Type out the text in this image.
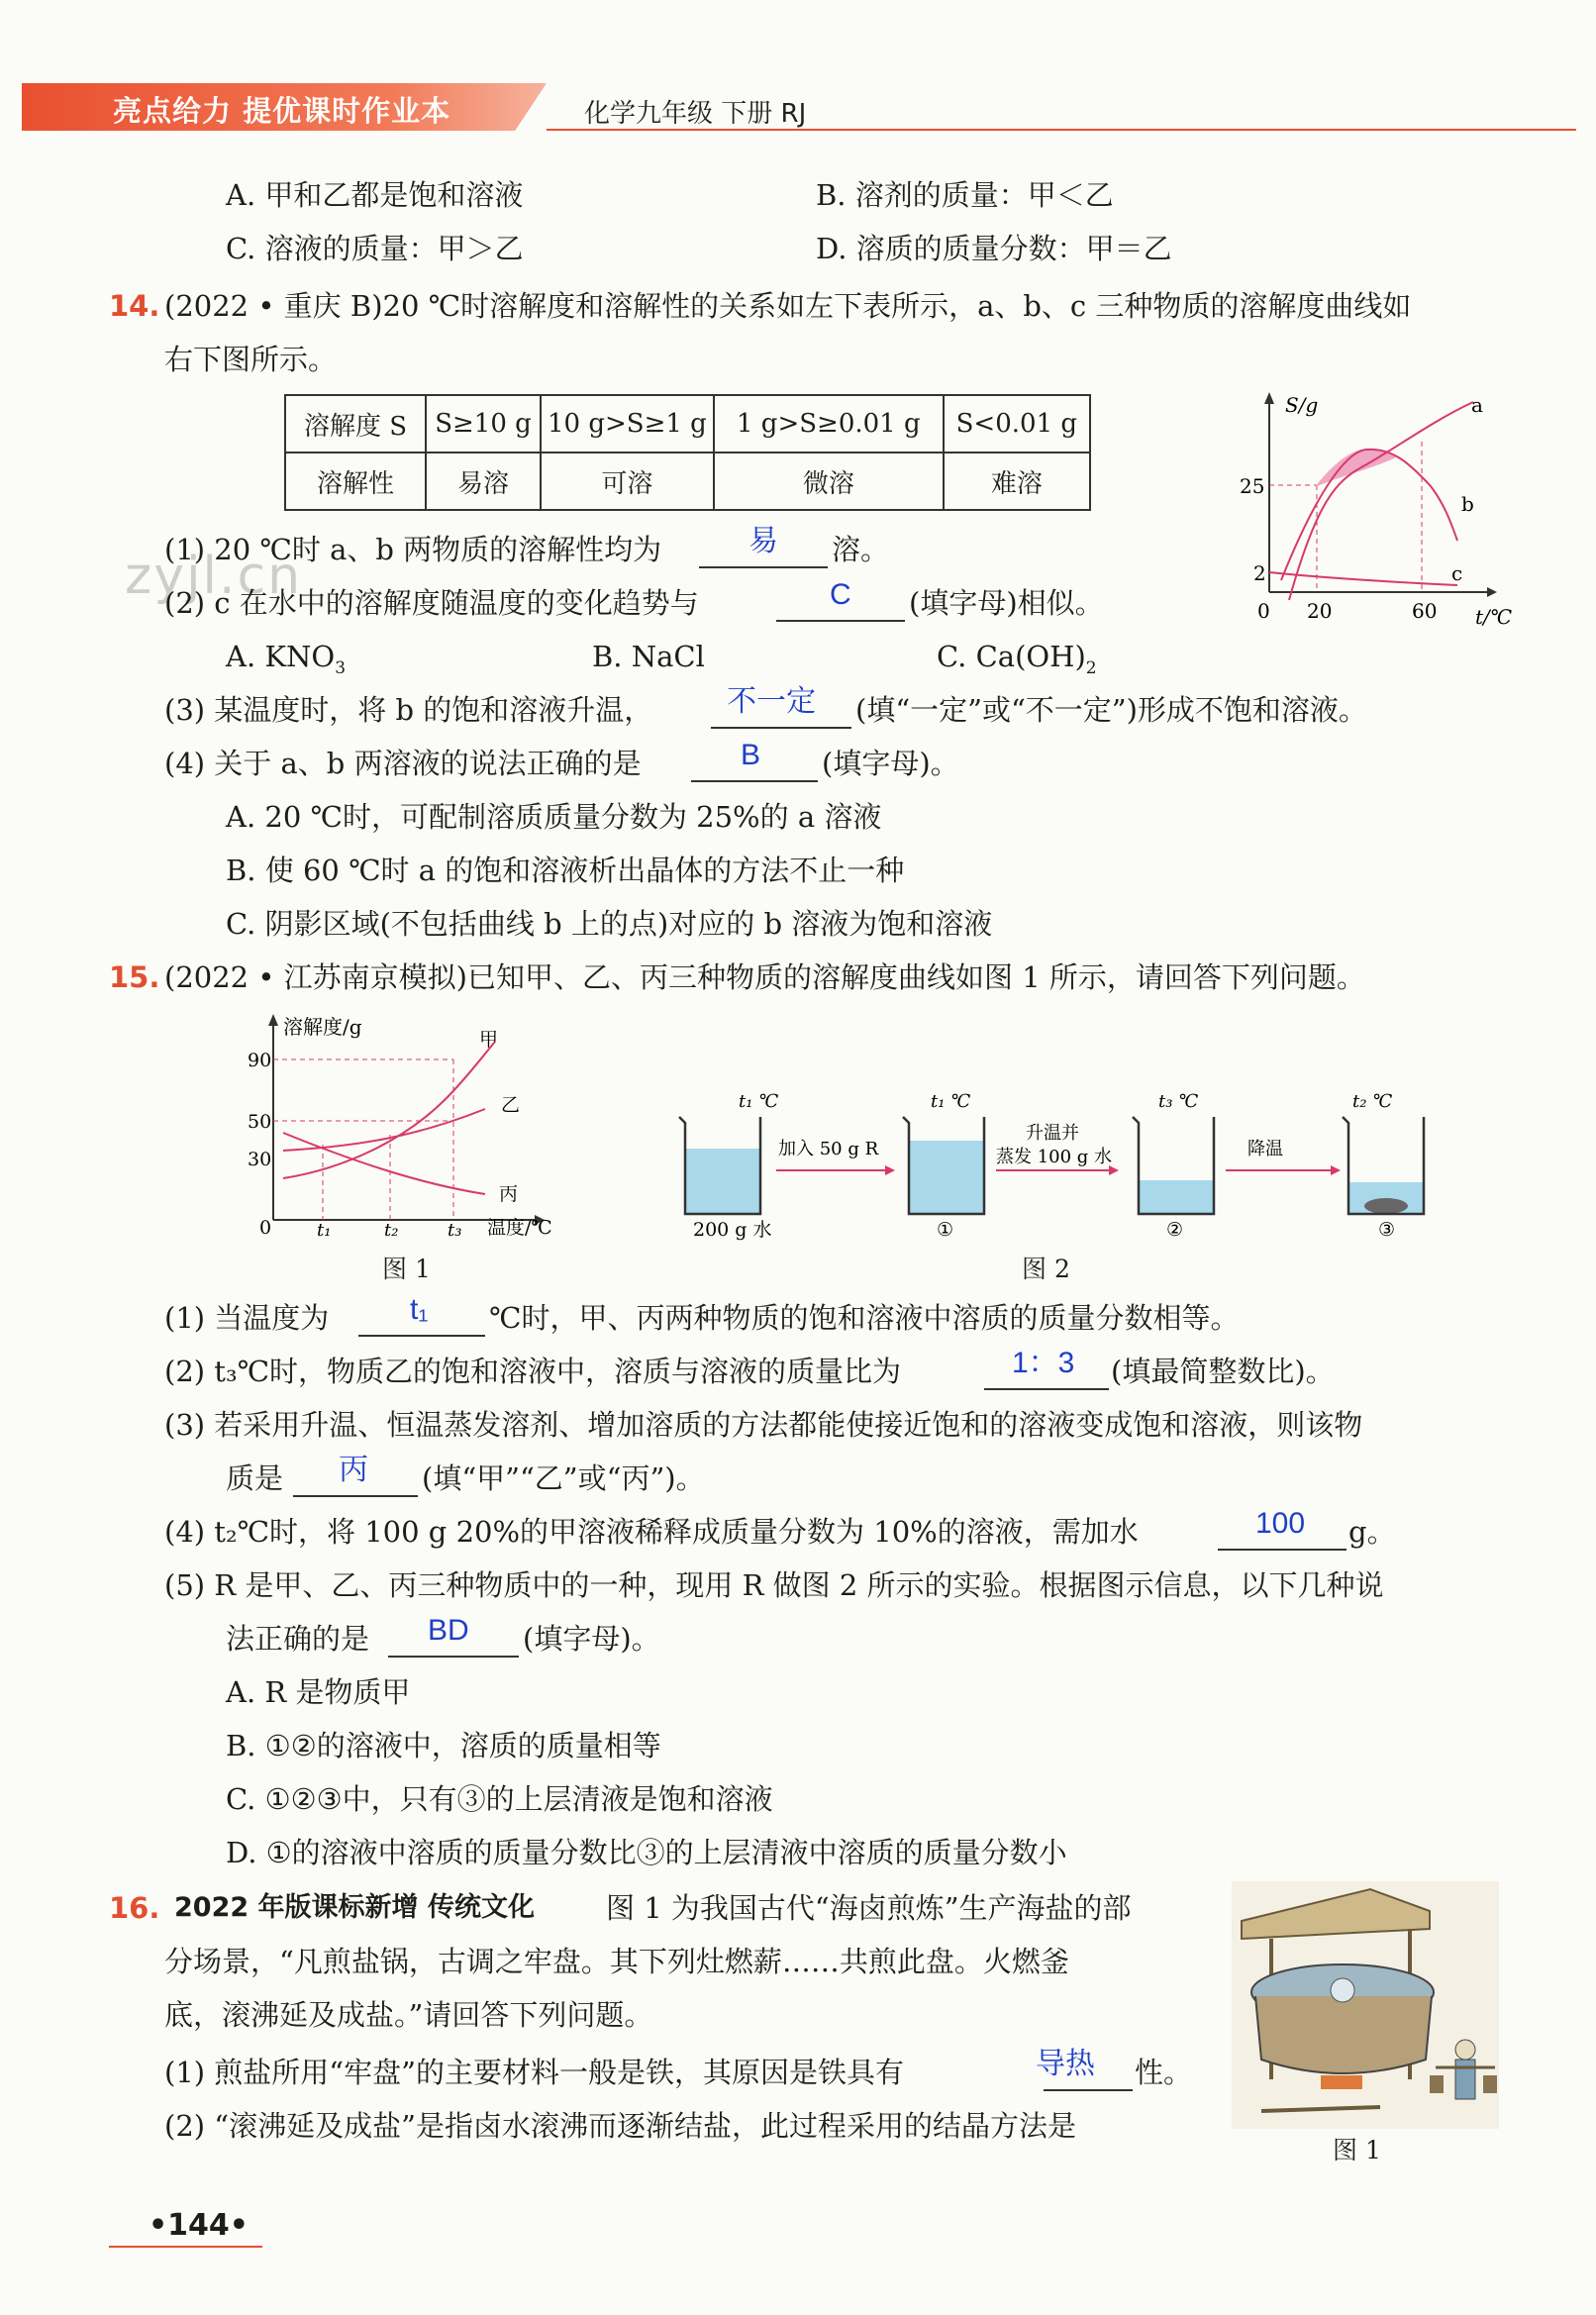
亮点给力 提优课时作业本	化学九年级 下册 RJ
A. 甲和乙都是饱和溶液	B. 溶剂的质量：甲＜乙
C. 溶液的质量：甲＞乙	D. 溶质的质量分数：甲＝乙
14. (2022 • 重庆 B)20 ℃时溶解度和溶解性的关系如左下表所示，a、b、c 三种物质的溶解度曲线如
右下图所示。
溶解度 S	S≥10 g	10 g>S≥1 g	1 g>S≥0.01 g	S<0.01 g
溶解性	易溶	可溶	微溶	难溶
S/g
t/℃
25
2
0 20	60
a
b
c
zyjl.cn
(1) 20 ℃时 a、b 两物质的溶解性均为	易 溶。
(2) c 在水中的溶解度随温度的变化趋势与	C (填字母)相似。
A. $KNO_3$	B. NaCl	C. $Ca(OH)_2$
(3) 某温度时，将 b 的饱和溶液升温， 不一定 (填“一定”或“不一定”)形成不饱和溶液。
(4) 关于 a、b 两溶液的说法正确的是	B (填字母)。
A. 20 ℃时，可配制溶质质量分数为 25%的 a 溶液
B. 使 60 ℃时 a 的饱和溶液析出晶体的方法不止一种
C. 阴影区域(不包括曲线 b 上的点)对应的 b 溶液为饱和溶液
15. (2022 • 江苏南京模拟)已知甲、乙、丙三种物质的溶解度曲线如图 1 所示，请回答下列问题。
溶解度/g
温度/℃
90
50
30
0	t₁	t₂	t₃
甲
乙
丙
图 1
200 g 水
t₁ ℃
加入 50 g R
①
t₁ ℃
升温并
蒸发 100 g 水
②
t₃ ℃
降温
③
t₂ ℃
图 2
(1) 当温度为	t₁ ℃时，甲、丙两种物质的饱和溶液中溶质的质量分数相等。
(2) t₃℃时，物质乙的饱和溶液中，溶质与溶液的质量比为	1：3 (填最简整数比)。
(3) 若采用升温、恒温蒸发溶剂、增加溶质的方法都能使接近饱和的溶液变成饱和溶液，则该物
质是 丙 (填“甲”“乙”或“丙”)。
(4) t₂℃时，将 100 g 20%的甲溶液稀释成质量分数为 10%的溶液，需加水	100 g。
(5) R 是甲、乙、丙三种物质中的一种，现用 R 做图 2 所示的实验。根据图示信息，以下几种说
法正确的是 BD (填字母)。
A. R 是物质甲
B. ①②的溶液中，溶质的质量相等
C. ①②③中，只有③的上层清液是饱和溶液
D. ①的溶液中溶质的质量分数比③的上层清液中溶质的质量分数小
16. 2022 年版课标新增 传统文化 图 1 为我国古代“海卤煎炼”生产海盐的部
分场景，“凡煎盐锅，古调之牢盘。其下列灶燃薪……共煎此盘。火燃釜
底，滚沸延及成盐。”请回答下列问题。
(1) 煎盐所用“牢盘”的主要材料一般是铁，其原因是铁具有	导热 性。
(2) “滚沸延及成盐”是指卤水滚沸而逐渐结盐，此过程采用的结晶方法是
图 1
•144•
